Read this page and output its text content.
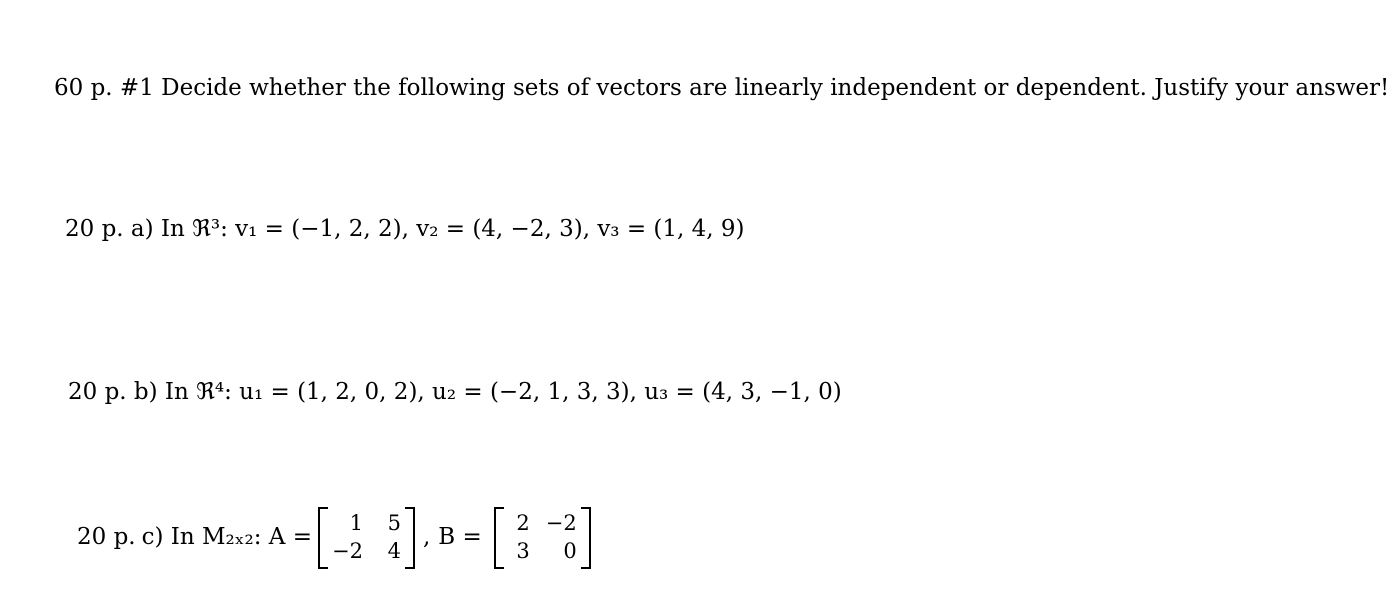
60 p. #1 Decide whether the following sets of vectors are linearly independent or dependent. Justify your answer!
20 p. a) In ℜ³: v₁ = (−1, 2, 2), v₂ = (4, −2, 3), v₃ = (1, 4, 9)
20 p. b) In ℜ⁴: u₁ = (1, 2, 0, 2), u₂ = (−2, 1, 3, 3), u₃ = (4, 3, −1, 0)
20 p. c) In M₂ₓ₂: A =
1	5
−2	4
, B =
2 −2
3	0
